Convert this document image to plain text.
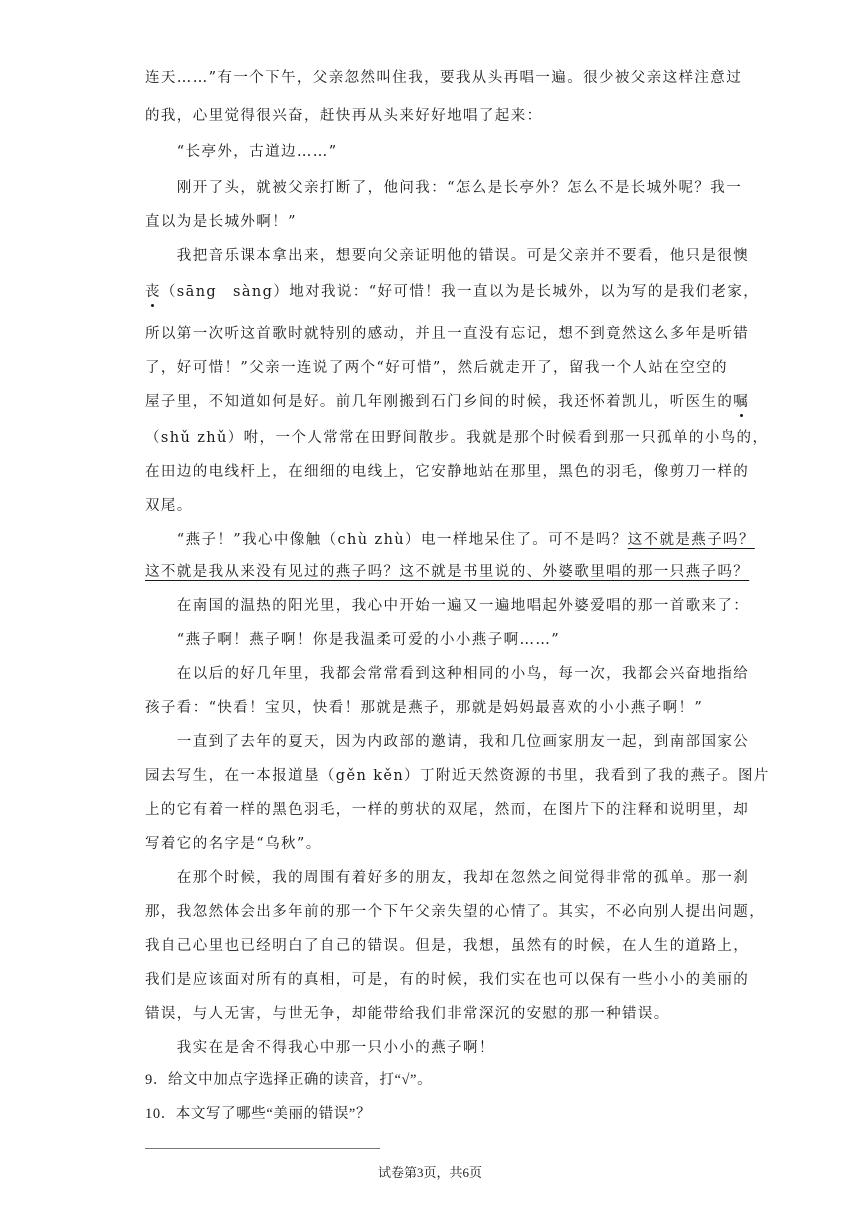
连天……”有一个下午，父亲忽然叫住我，要我从头再唱一遍。很少被父亲这样注意过

的我，心里觉得很兴奋，赶快再从头来好好地唱了起来：

　　“长亭外，古道边……”

　　刚开了头，就被父亲打断了，他问我：“怎么是长亭外？怎么不是长城外呢？我一

直以为是长城外啊！”

　　我把音乐课本拿出来，想要向父亲证明他的错误。可是父亲并不要看，他只是很懊

丧（sāng　sàng）地对我说：“好可惜！我一直以为是长城外，以为写的是我们老家，

所以第一次听这首歌时就特别的感动，并且一直没有忘记，想不到竟然这么多年是听错

了，好可惜！”父亲一连说了两个“好可惜”，然后就走开了，留我一个人站在空空的

屋子里，不知道如何是好。前几年刚搬到石门乡间的时候，我还怀着凯儿，听医生的嘱

（shǔ zhǔ）咐，一个人常常在田野间散步。我就是那个时候看到那一只孤单的小鸟的，

在田边的电线杆上，在细细的电线上，它安静地站在那里，黑色的羽毛，像剪刀一样的

双尾。

　　“燕子！”我心中像触（chù zhù）电一样地呆住了。可不是吗？这不就是燕子吗？

这不就是我从来没有见过的燕子吗？这不就是书里说的、外婆歌里唱的那一只燕子吗？

　　在南国的温热的阳光里，我心中开始一遍又一遍地唱起外婆爱唱的那一首歌来了：

　　“燕子啊！燕子啊！你是我温柔可爱的小小燕子啊……”

　　在以后的好几年里，我都会常常看到这种相同的小鸟，每一次，我都会兴奋地指给

孩子看：“快看！宝贝，快看！那就是燕子，那就是妈妈最喜欢的小小燕子啊！”

　　一直到了去年的夏天，因为内政部的邀请，我和几位画家朋友一起，到南部国家公

园去写生，在一本报道垦（gěn kěn）丁附近天然资源的书里，我看到了我的燕子。图片

上的它有着一样的黑色羽毛，一样的剪状的双尾，然而，在图片下的注释和说明里，却

写着它的名字是“乌秋”。

　　在那个时候，我的周围有着好多的朋友，我却在忽然之间觉得非常的孤单。那一刹

那，我忽然体会出多年前的那一个下午父亲失望的心情了。其实，不必向别人提出问题，

我自己心里也已经明白了自己的错误。但是，我想，虽然有的时候，在人生的道路上，

我们是应该面对所有的真相，可是，有的时候，我们实在也可以保有一些小小的美丽的

错误，与人无害，与世无争，却能带给我们非常深沉的安慰的那一种错误。

　　我实在是舍不得我心中那一只小小的燕子啊！

9．给文中加点字选择正确的读音，打“√”。
10．本文写了哪些“美丽的错误”？
试卷第3页，共6页
